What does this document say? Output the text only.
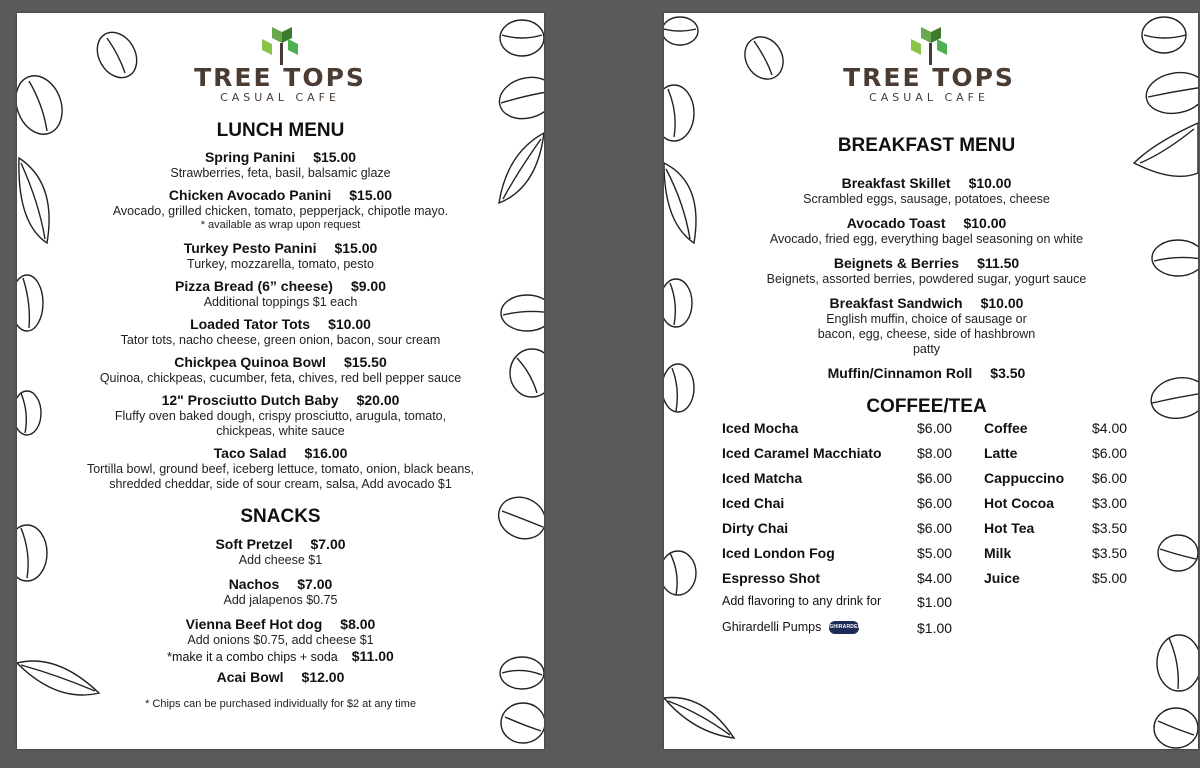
TREE TOPS
CASUAL CAFE
LUNCH MENU
Spring Panini $15.00
Strawberries, feta, basil, balsamic glaze
Chicken Avocado Panini $15.00
Avocado, grilled chicken, tomato, pepperjack, chipotle mayo.
* available as wrap upon request
Turkey Pesto Panini $15.00
Turkey, mozzarella, tomato, pesto
Pizza Bread (6” cheese) $9.00
Additional toppings $1 each
Loaded Tator Tots $10.00
Tator tots, nacho cheese, green onion, bacon, sour cream
Chickpea Quinoa Bowl $15.50
Quinoa, chickpeas, cucumber, feta, chives, red bell pepper sauce
12" Prosciutto Dutch Baby $20.00
Fluffy oven baked dough, crispy prosciutto, arugula, tomato, chickpeas, white sauce
Taco Salad $16.00
Tortilla bowl, ground beef, iceberg lettuce, tomato, onion, black beans, shredded cheddar, side of sour cream, salsa, Add avocado $1
SNACKS
Soft Pretzel $7.00
Add cheese $1
Nachos $7.00
Add jalapenos $0.75
Vienna Beef Hot dog $8.00
Add onions $0.75, add cheese $1
*make it a combo chips + soda $11.00
Acai Bowl $12.00
* Chips can be purchased individually for $2 at any time
TREE TOPS
CASUAL CAFE
BREAKFAST MENU
Breakfast Skillet $10.00
Scrambled eggs, sausage, potatoes, cheese
Avocado Toast $10.00
Avocado, fried egg, everything bagel seasoning on white
Beignets & Berries $11.50
Beignets, assorted berries, powdered sugar, yogurt sauce
Breakfast Sandwich $10.00
English muffin, choice of sausage or bacon, egg, cheese, side of hashbrown patty
Muffin/Cinnamon Roll $3.50
COFFEE/TEA
Iced Mocha	$6.00
Iced Caramel Macchiato	$8.00
Iced Matcha	$6.00
Iced Chai	$6.00
Dirty Chai	$6.00
Iced London Fog	$5.00
Espresso Shot	$4.00
Coffee	$4.00
Latte	$6.00
Cappuccino $6.00
Hot Cocoa	$3.00
Hot Tea	$3.50
Milk	$3.50
Juice	$5.00
Add flavoring to any drink for	$1.00
Ghirardelli Pumps GHIRARDELLI	$1.00
